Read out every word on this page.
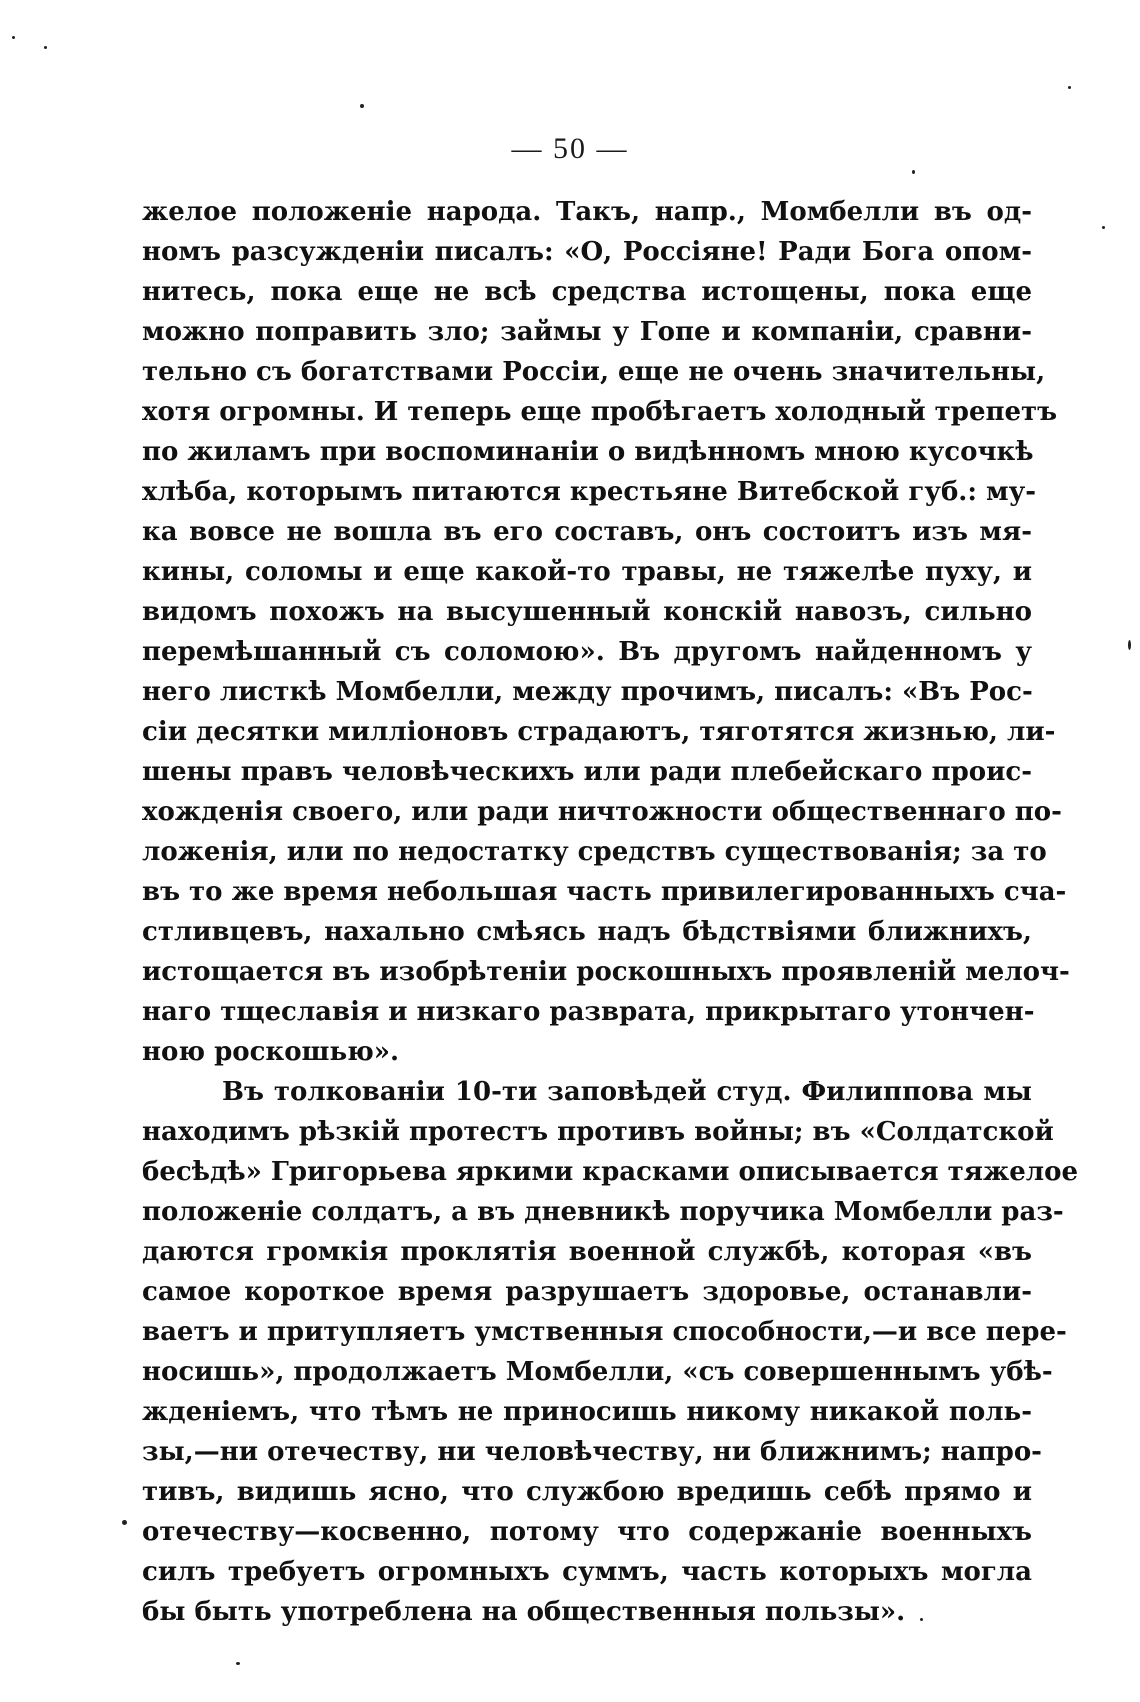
— 50 —
желое положенiе народа. Такъ, напр., Момбелли въ од-
номъ разсужденiи писалъ: «О, Россiяне! Ради Бога опом-
нитесь, пока еще не всѣ средства истощены, пока еще
можно поправить зло; займы у Гопе и компанiи, сравни-
тельно съ богатствами Россiи, еще не очень значительны,
хотя огромны. И теперь еще пробѣгаетъ холодный трепетъ
по жиламъ при воспоминанiи о видѣнномъ мною кусочкѣ
хлѣба, которымъ питаются крестьяне Витебской губ.: му-
ка вовсе не вошла въ его составъ, онъ состоитъ изъ мя-
кины, соломы и еще какой-то травы, не тяжелѣе пуху, и
видомъ похожъ на высушенный конскiй навозъ, сильно
перемѣшанный съ соломою». Въ другомъ найденномъ у
него листкѣ Момбелли, между прочимъ, писалъ: «Въ Рос-
сiи десятки миллiоновъ страдаютъ, тяготятся жизнью, ли-
шены правъ человѣческихъ или ради плебейскаго проис-
хожденiя своего, или ради ничтожности общественнаго по-
ложенiя, или по недостатку средствъ существованiя; за то
въ то же время небольшая часть привилегированныхъ сча-
стливцевъ, нахально смѣясь надъ бѣдствiями ближнихъ,
истощается въ изобрѣтенiи роскошныхъ проявленiй мелоч-
наго тщеславiя и низкаго разврата, прикрытаго утончен-
ною роскошью».
Въ толкованiи 10-ти заповѣдей студ. Филиппова мы
находимъ рѣзкiй протестъ противъ войны; въ «Солдатской
бесѣдѣ» Григорьева яркими красками описывается тяжелое
положенiе солдатъ, а въ дневникѣ поручика Момбелли раз-
даются громкiя проклятiя военной службѣ, которая «въ
самое короткое время разрушаетъ здоровье, останавли-
ваетъ и притупляетъ умственныя способности,—и все пере-
носишь», продолжаетъ Момбелли, «съ совершеннымъ убѣ-
жденiемъ, что тѣмъ не приносишь никому никакой поль-
зы,—ни отечеству, ни человѣчеству, ни ближнимъ; напро-
тивъ, видишь ясно, что службою вредишь себѣ прямо и
отечеству—косвенно, потому что содержанiе военныхъ
силъ требуетъ огромныхъ суммъ, часть которыхъ могла
бы быть употреблена на общественныя пользы».
